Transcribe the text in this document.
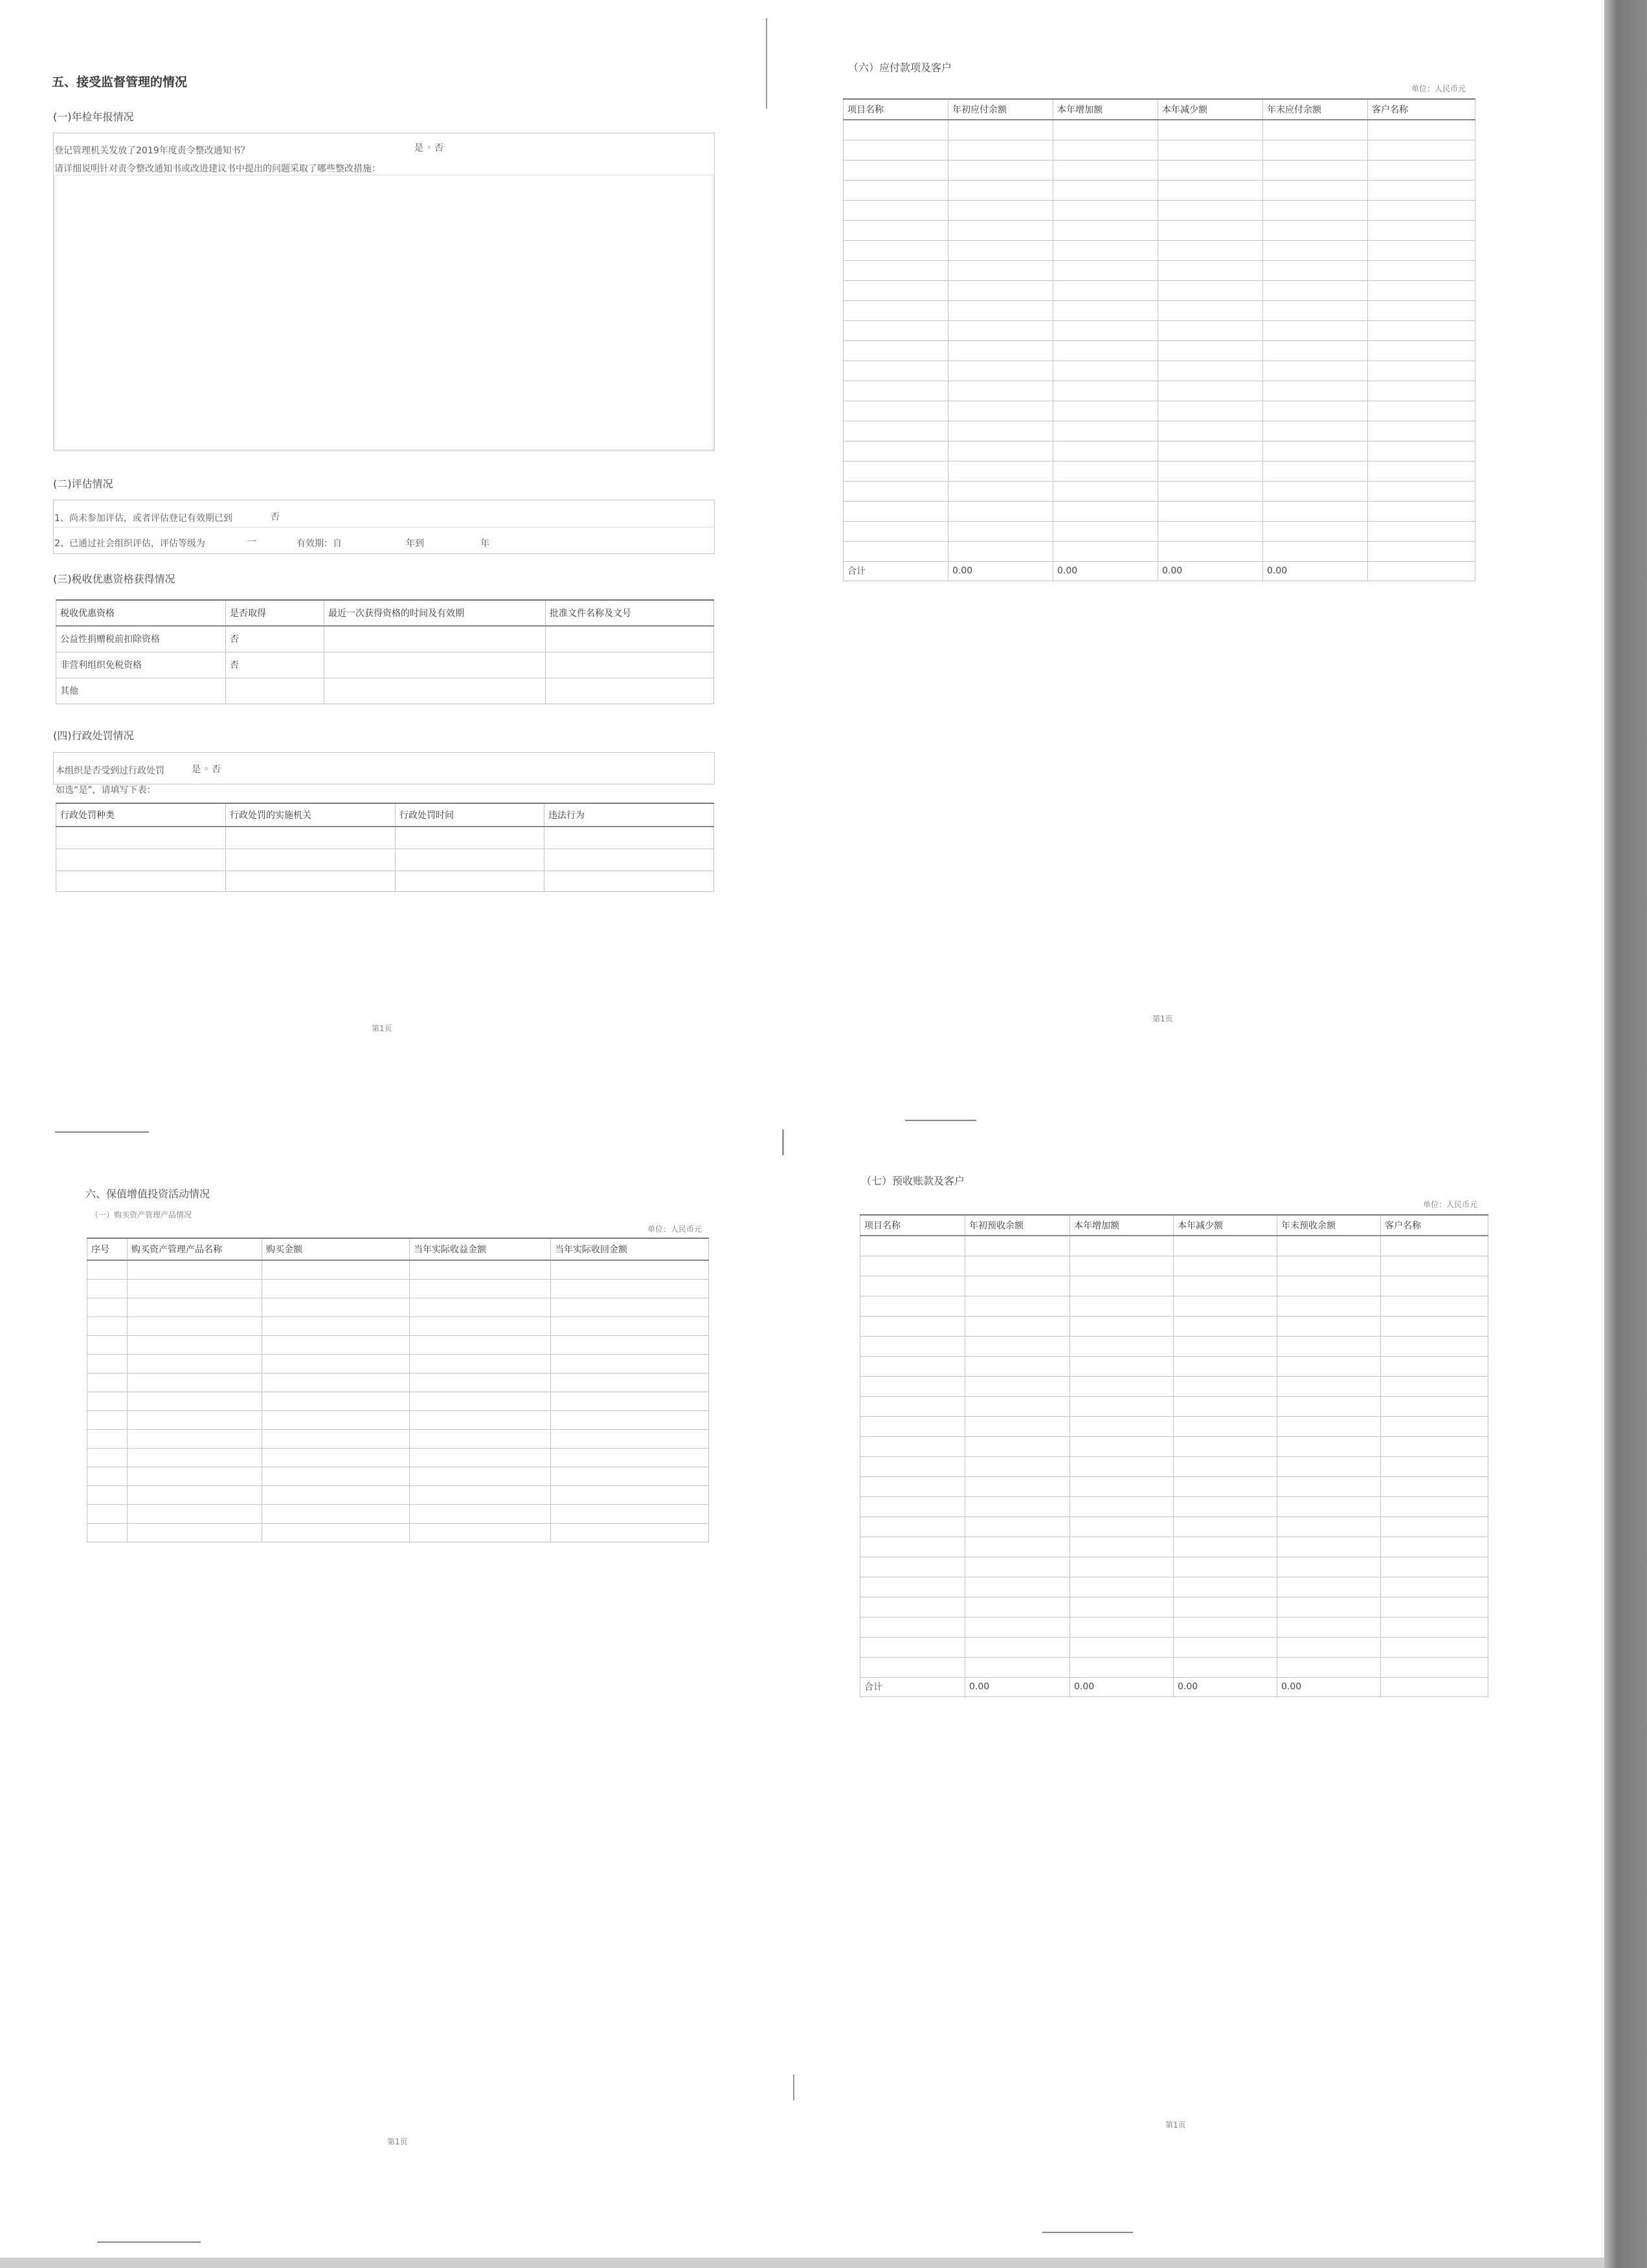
五、接受监督管理的情况
(一)年检年报情况
登记管理机关发放了2019年度责令整改通知书？	是 ◦ 否
请详细说明针对责令整改通知书或改进建议书中提出的问题采取了哪些整改措施：
(二)评估情况
1、尚未参加评估，或者评估登记有效期已到	否
2、已通过社会组织评估，评估等级为	一	有效期：自	年到	年
(三)税收优惠资格获得情况
税收优惠资格	是否取得	最近一次获得资格的时间及有效期	批准文件名称及文号
公益性捐赠税前扣除资格	否		
非营利组织免税资格	否		
其他			
(四)行政处罚情况
本组织是否受到过行政处罚	是 ◦ 否
如选“是”，请填写下表：
行政处罚种类	行政处罚的实施机关	行政处罚时间	违法行为

第1页
（六）应付款项及客户
单位：人民币元
项目名称	年初应付余额	本年增加额	本年减少额	年末应付余额	客户名称

合计	0.00	0.00	0.00	0.00	
第1页
六、保值增值投资活动情况
（一）购买资产管理产品情况
单位：人民币元
序号	购买资产管理产品名称	购买金额	当年实际收益金额	当年实际收回金额

第1页
（七）预收账款及客户
单位：人民币元
项目名称	年初预收余额	本年增加额	本年减少额	年末预收余额	客户名称

合计	0.00	0.00	0.00	0.00	
第1页
